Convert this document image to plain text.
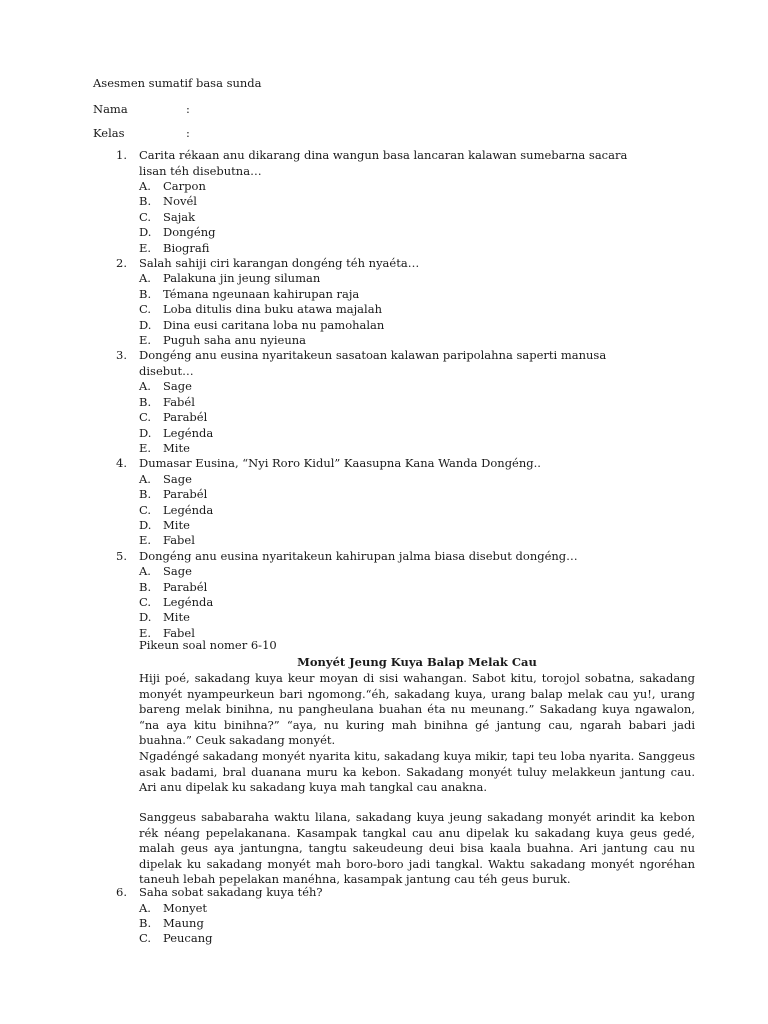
Asesmen sumatif basa sunda
Nama	:
Kelas	:
1. Carita rékaan anu dikarang dina wangun basa lancaran kalawan sumebarna sacara lisan téh disebutna…
A. Carpon
B. Novél
C. Sajak
D. Dongéng
E. Biografi
2. Salah sahiji ciri karangan dongéng téh nyaéta…
A. Palakuna jin jeung siluman
B. Témana ngeunaan kahirupan raja
C. Loba ditulis dina buku atawa majalah
D. Dina eusi caritana loba nu pamohalan
E. Puguh saha anu nyieuna
3. Dongéng anu eusina nyaritakeun sasatoan kalawan paripolahna saperti manusa disebut…
A. Sage
B. Fabél
C. Parabél
D. Legénda
E. Mite
4. Dumasar Eusina, “Nyi Roro Kidul” Kaasupna Kana Wanda Dongéng..
A. Sage
B. Parabél
C. Legénda
D. Mite
E. Fabel
5. Dongéng anu eusina nyaritakeun kahirupan jalma biasa disebut dongéng…
A. Sage
B. Parabél
C. Legénda
D. Mite
E. Fabel
Pikeun soal nomer 6-10
Monyét Jeung Kuya Balap Melak Cau
Hiji poé, sakadang kuya keur moyan di sisi wahangan. Sabot kitu, torojol sobatna, sakadang monyét nyampeurkeun bari ngomong.“éh, sakadang kuya, urang balap melak cau yu!, urang bareng melak binihna, nu pangheulana buahan éta nu meunang.” Sakadang kuya ngawalon, “na aya kitu binihna?” “aya, nu kuring mah binihna gé jantung cau, ngarah babari jadi buahna.” Ceuk sakadang monyét.
Ngadéngé sakadang monyét nyarita kitu, sakadang kuya mikir, tapi teu loba nyarita. Sanggeus asak badami, bral duanana muru ka kebon. Sakadang monyét tuluy melakkeun jantung cau. Ari anu dipelak ku sakadang kuya mah tangkal cau anakna.
Sanggeus sababaraha waktu lilana, sakadang kuya jeung sakadang monyét arindit ka kebon rék néang pepelakanana. Kasampak tangkal cau anu dipelak ku sakadang kuya geus gedé, malah geus aya jantungna, tangtu sakeudeung deui bisa kaala buahna. Ari jantung cau nu dipelak ku sakadang monyét mah boro-boro jadi tangkal. Waktu sakadang monyét ngoréhan taneuh lebah pepelakan manéhna, kasampak jantung cau téh geus buruk.
6. Saha sobat sakadang kuya téh?
A. Monyet
B. Maung
C. Peucang
